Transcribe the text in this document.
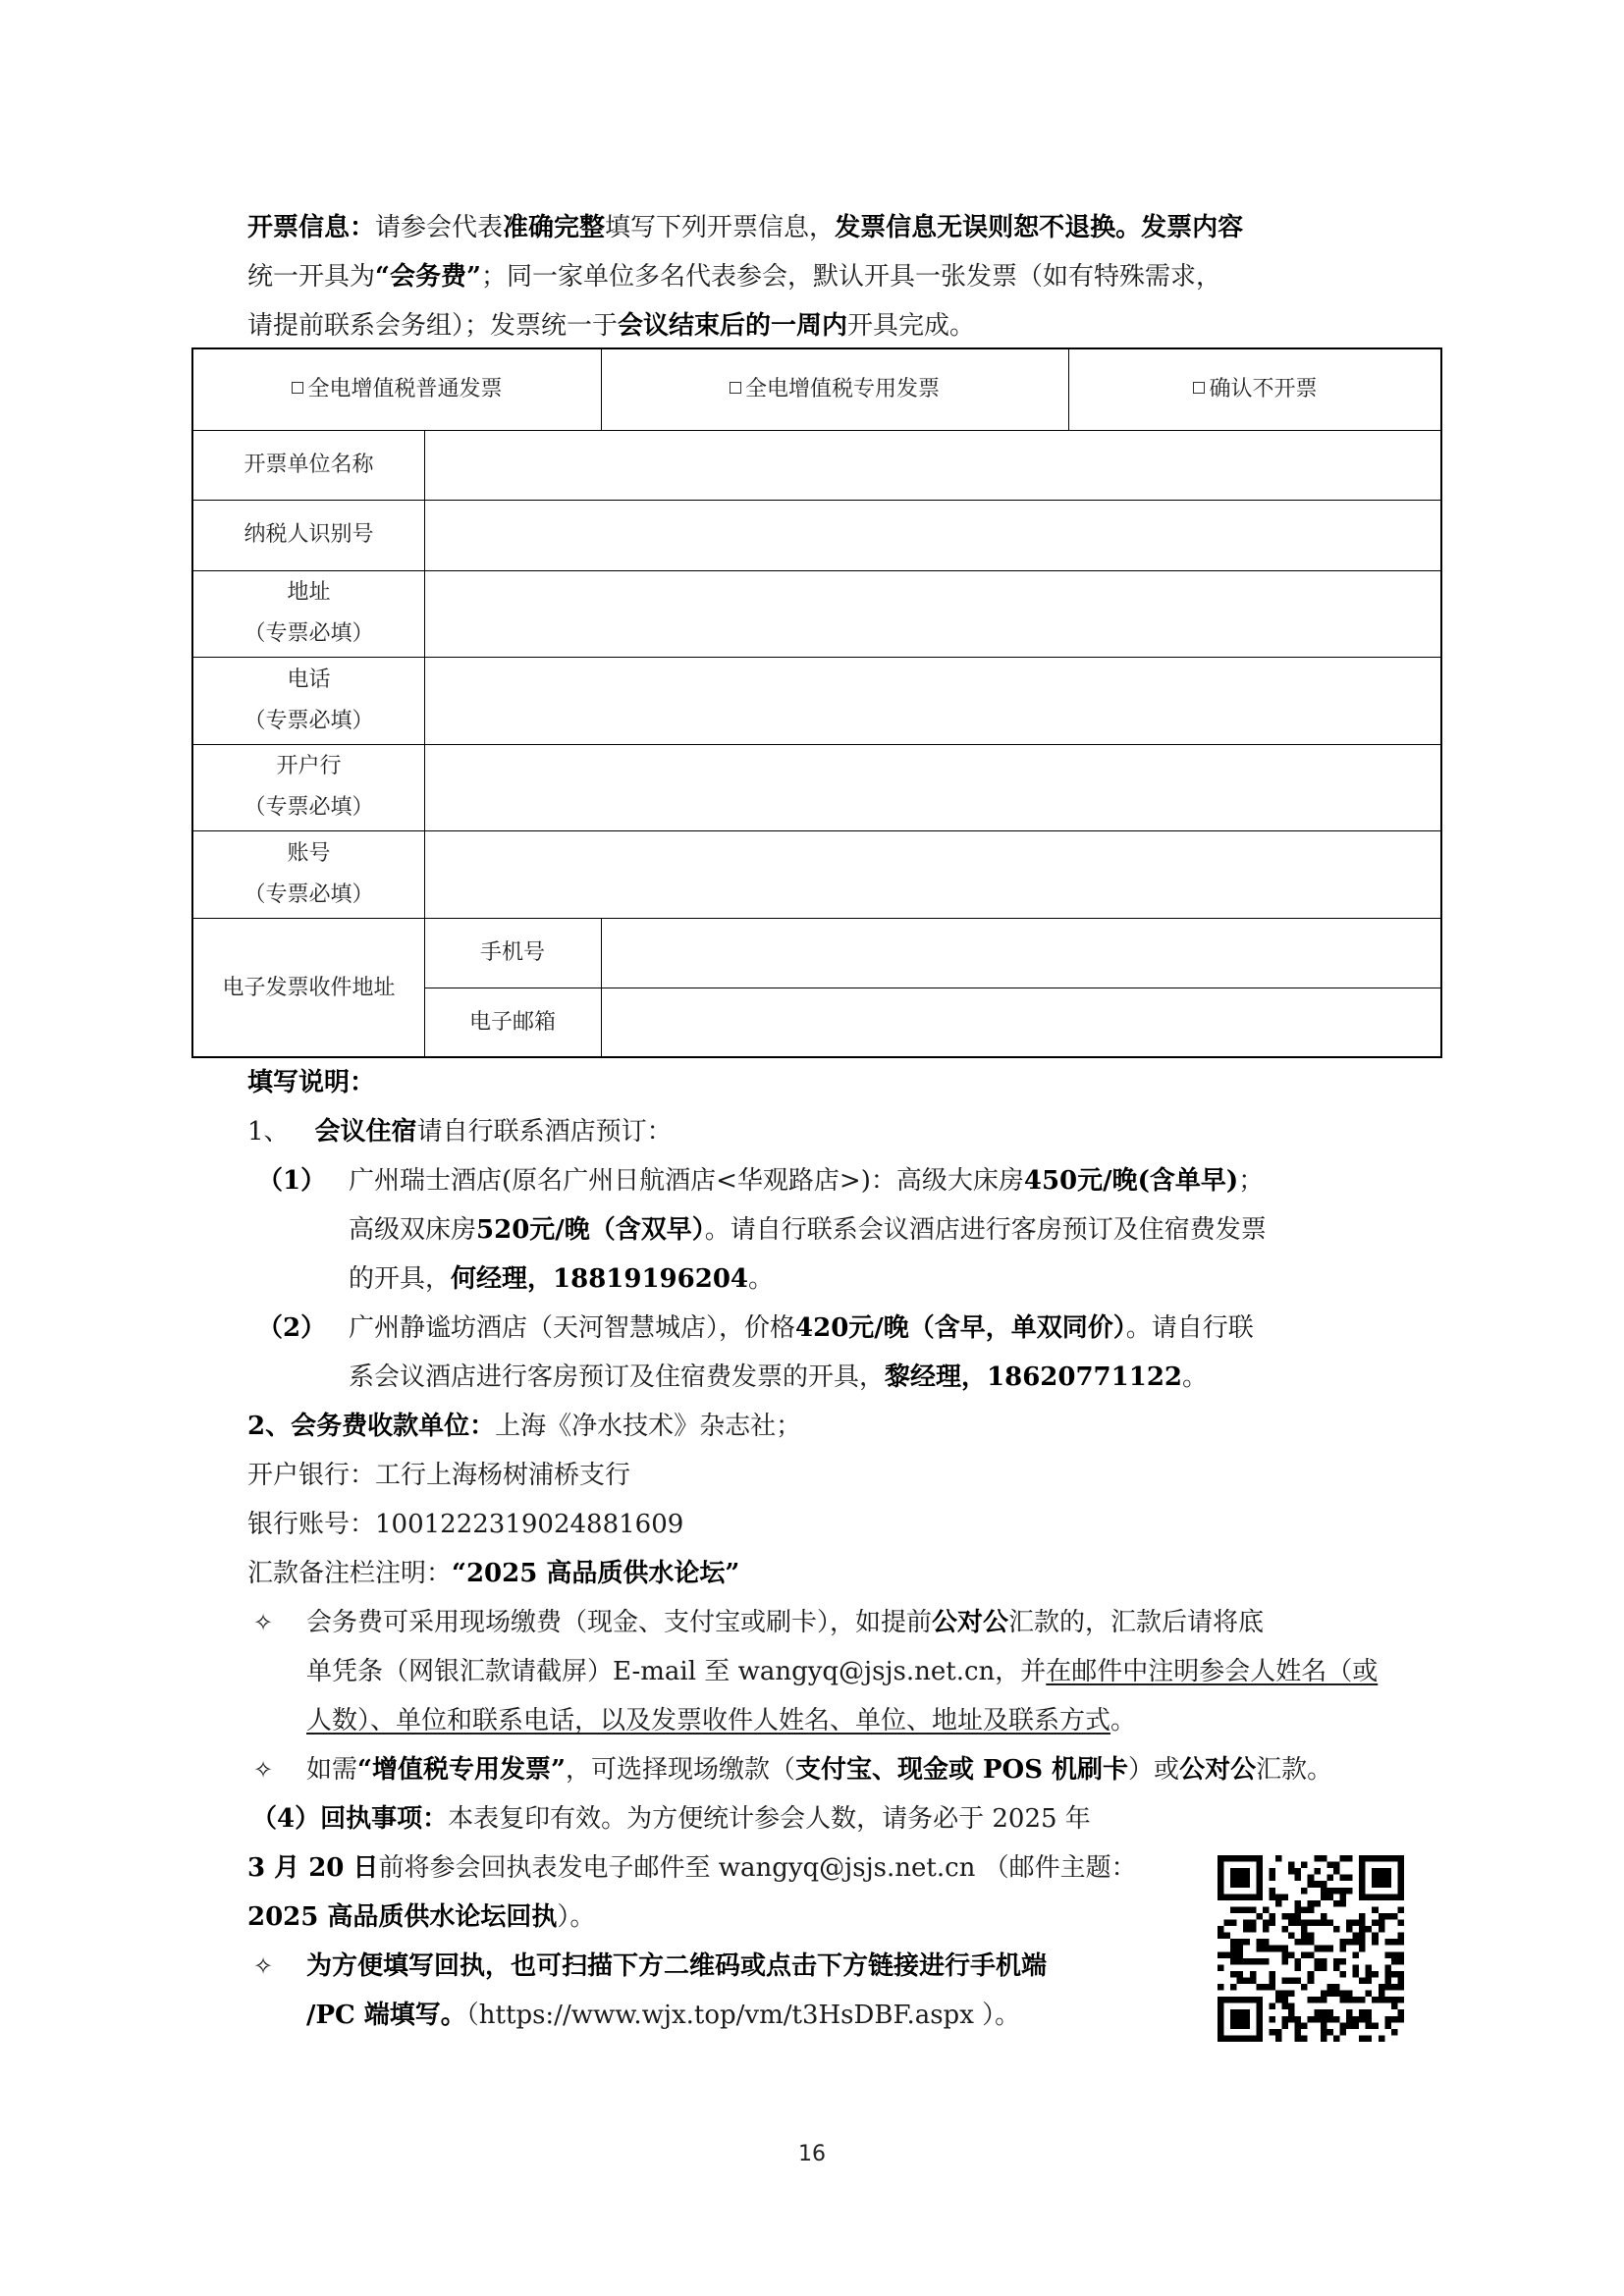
开票信息：请参会代表准确完整填写下列开票信息，发票信息无误则恕不退换。发票内容
统一开具为“会务费”；同一家单位多名代表参会，默认开具一张发票（如有特殊需求，
请提前联系会务组）；发票统一于会议结束后的一周内开具完成。
全电增值税普通发票	全电增值税专用发票	确认不开票
开票单位名称
纳税人识别号
地址
（专票必填）
电话
（专票必填）
开户行
（专票必填）
账号
（专票必填）
电子发票收件地址
手机号
电子邮箱
填写说明：
1、 会议住宿请自行联系酒店预订：
（1） 广州瑞士酒店(原名广州日航酒店<华观路店>)：高级大床房450元/晚(含单早)；
高级双床房520元/晚（含双早）。请自行联系会议酒店进行客房预订及住宿费发票
的开具，何经理，18819196204。
（2） 广州静谧坊酒店（天河智慧城店），价格420元/晚（含早，单双同价）。请自行联
系会议酒店进行客房预订及住宿费发票的开具，黎经理，18620771122。
2、会务费收款单位：上海《净水技术》杂志社；
开户银行：工行上海杨树浦桥支行
银行账号：1001222319024881609
汇款备注栏注明：“2025 高品质供水论坛”
✧ 会务费可采用现场缴费（现金、支付宝或刷卡），如提前公对公汇款的，汇款后请将底
单凭条（网银汇款请截屏）E-mail 至 wangyq@jsjs.net.cn，并在邮件中注明参会人姓名（或
人数）、单位和联系电话，以及发票收件人姓名、单位、地址及联系方式。
✧ 如需“增值税专用发票”，可选择现场缴款（支付宝、现金或 POS 机刷卡）或公对公汇款。
（4）回执事项：本表复印有效。为方便统计参会人数，请务必于 2025 年
3 月 20 日前将参会回执表发电子邮件至 wangyq@jsjs.net.cn （邮件主题：
2025 高品质供水论坛回执）。
✧ 为方便填写回执，也可扫描下方二维码或点击下方链接进行手机端
/PC 端填写。（https://www.wjx.top/vm/t3HsDBF.aspx ）。
16
